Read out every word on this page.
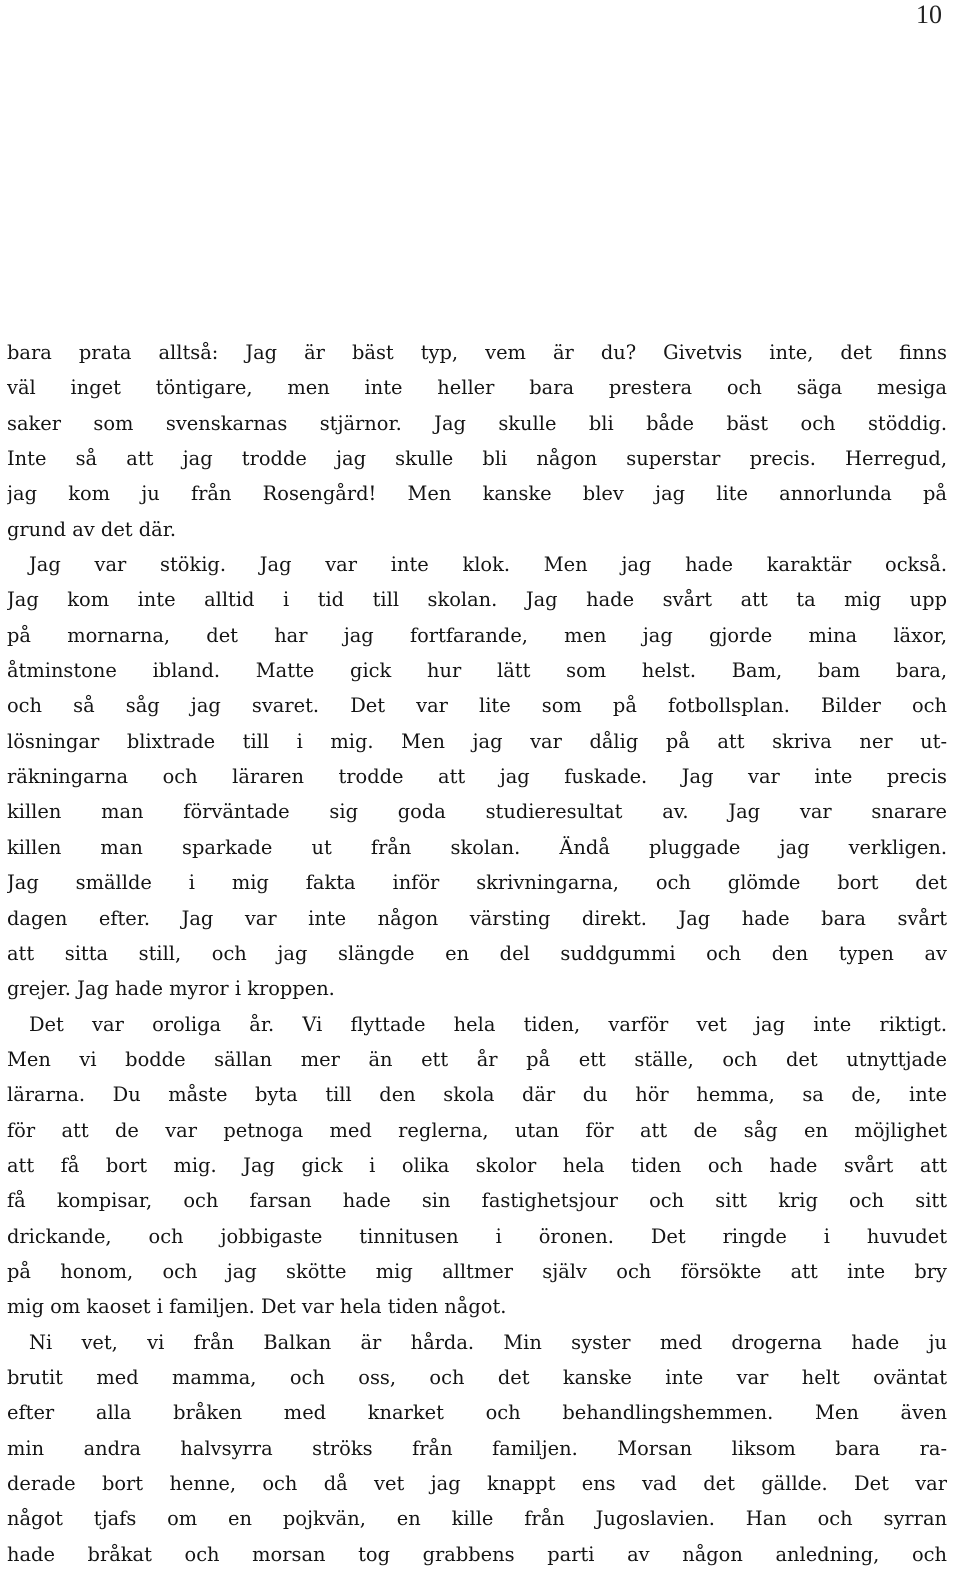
10
bara prata alltså: Jag är bäst typ, vem är du? Givetvis inte, det finns
väl inget töntigare, men inte heller bara prestera och säga mesiga
saker som svenskarnas stjärnor. Jag skulle bli både bäst och stöddig.
Inte så att jag trodde jag skulle bli någon superstar precis. Herregud,
jag kom ju från Rosengård! Men kanske blev jag lite annorlunda på
grund av det där.
Jag var stökig. Jag var inte klok. Men jag hade karaktär också.
Jag kom inte alltid i tid till skolan. Jag hade svårt att ta mig upp
på mornarna, det har jag fortfarande, men jag gjorde mina läxor,
åtminstone ibland. Matte gick hur lätt som helst. Bam, bam bara,
och så såg jag svaret. Det var lite som på fotbollsplan. Bilder och
lösningar blixtrade till i mig. Men jag var dålig på att skriva ner ut-
räkningarna och läraren trodde att jag fuskade. Jag var inte precis
killen man förväntade sig goda studieresultat av. Jag var snarare
killen man sparkade ut från skolan. Ändå pluggade jag verkligen.
Jag smällde i mig fakta inför skrivningarna, och glömde bort det
dagen efter. Jag var inte någon värsting direkt. Jag hade bara svårt
att sitta still, och jag slängde en del suddgummi och den typen av
grejer. Jag hade myror i kroppen.
Det var oroliga år. Vi flyttade hela tiden, varför vet jag inte riktigt.
Men vi bodde sällan mer än ett år på ett ställe, och det utnyttjade
lärarna. Du måste byta till den skola där du hör hemma, sa de, inte
för att de var petnoga med reglerna, utan för att de såg en möjlighet
att få bort mig. Jag gick i olika skolor hela tiden och hade svårt att
få kompisar, och farsan hade sin fastighetsjour och sitt krig och sitt
drickande, och jobbigaste tinnitusen i öronen. Det ringde i huvudet
på honom, och jag skötte mig alltmer själv och försökte att inte bry
mig om kaoset i familjen. Det var hela tiden något.
Ni vet, vi från Balkan är hårda. Min syster med drogerna hade ju
brutit med mamma, och oss, och det kanske inte var helt oväntat
efter alla bråken med knarket och behandlingshemmen. Men även
min andra halvsyrra ströks från familjen. Morsan liksom bara ra-
derade bort henne, och då vet jag knappt ens vad det gällde. Det var
något tjafs om en pojkvän, en kille från Jugoslavien. Han och syrran
hade bråkat och morsan tog grabbens parti av någon anledning, och
